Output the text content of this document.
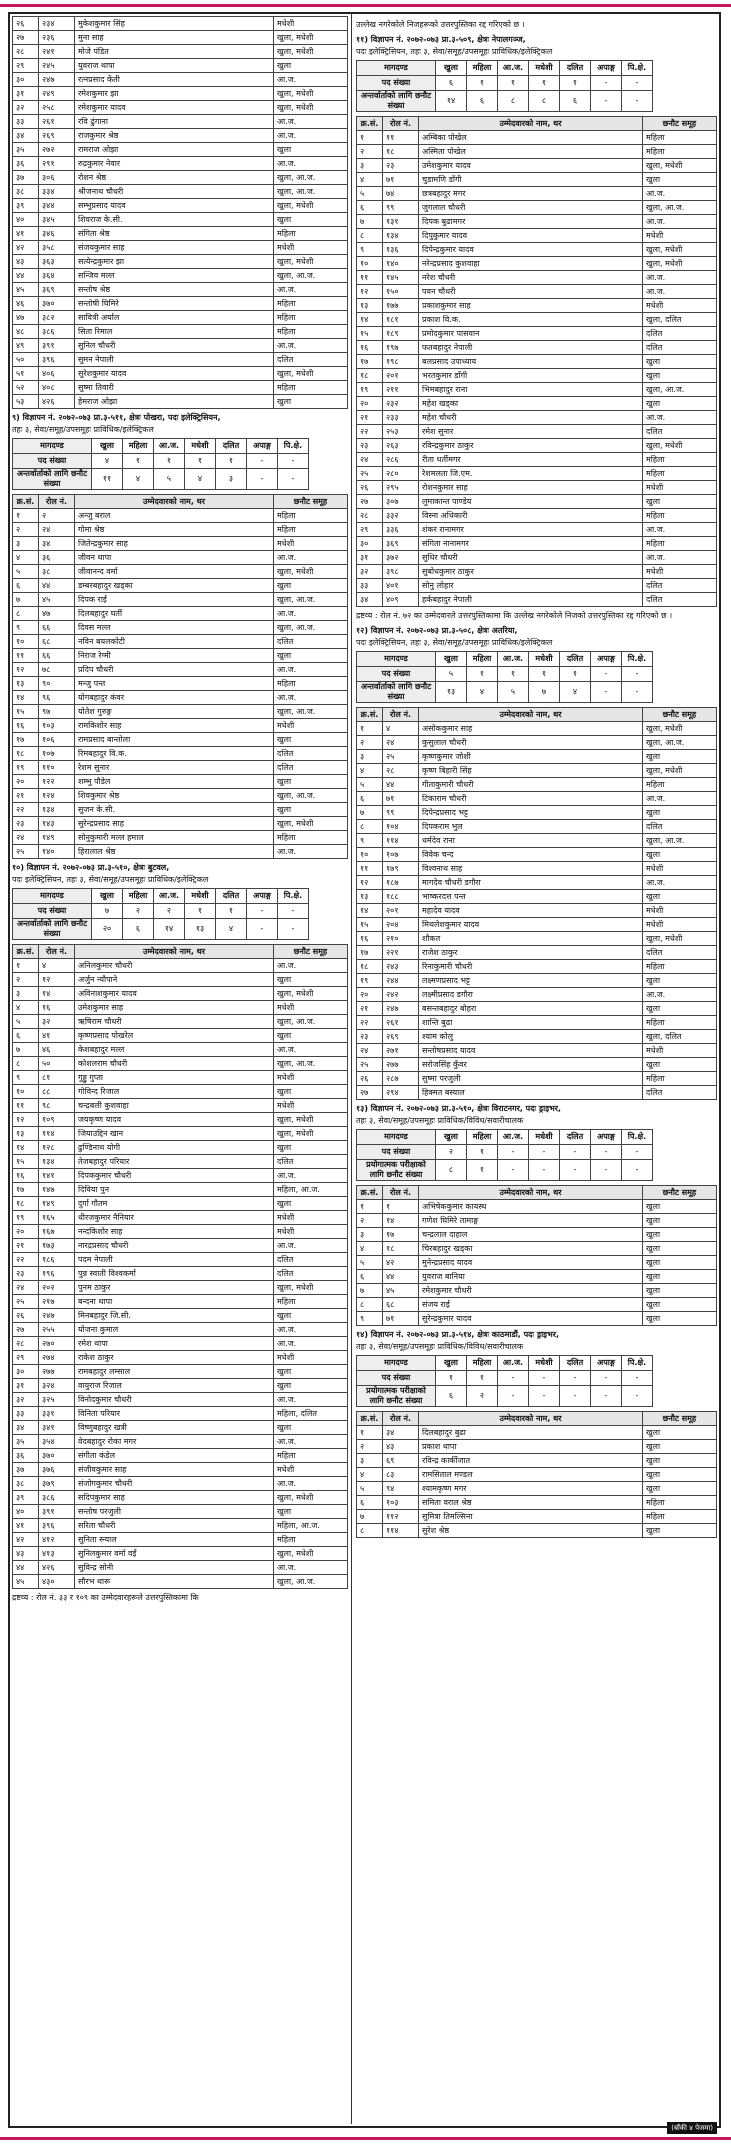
२६	२३४	मुकेशकुमार सिंह	मधेशी
२७	२३६	मुना साह	खुला, मधेशी
२८	२४१	मोजे पंडित	खुला, मधेशी
२९	२४५	युवराज थापा	खुला
३०	२४७	रत्नप्रसाद केंती	आ.ज.
३१	२४९	रमेशकुमार झा	खुला, मधेशी
३२	२५८	रमेशकुमार यादव	खुला, मधेशी
३३	२६१	रवि ढुंगाना	आ.ज.
३४	२६९	राजकुमार श्रेष्ठ	आ.ज.
३५	२७२	रामराज ओझा	खुला
३६	२९१	रुद्रकुमार नेवार	आ.ज.
३७	३०६	रोशन श्रेष्ठ	खुला, आ.ज.
३८	३३४	श्रीजनाथ चौधरी	खुला, आ.ज.
३९	३४४	सम्भुप्रसाद यादव	खुला, मधेशी
४०	३४५	शिवराज के.सी.	खुला
४१	३४६	संगिता श्रेष्ठ	महिला
४२	३५८	संजयकुमार साह	मधेशी
४३	३६३	सत्येन्द्रकुमार झा	खुला, मधेशी
४४	३६४	सन्जिव मल्ल	खुला, आ.ज.
४५	३६९	सन्तोष श्रेष्ठ	आ.ज.
४६	३७०	सन्तोषी घिमिरे	महिला
४७	३८२	सावित्री अर्याल	महिला
४८	३८६	सिता रिमाल	महिला
४९	३९१	सुनिल चौधरी	आ.ज.
५०	३९६	सुमन नेपाली	दलित
५१	४०६	सुरेशकुमार यादव	खुला, मधेशी
५२	४०८	सुष्मा तिवारी	महिला
५३	४२६	हेमराज ओझा	खुला
९) विज्ञापन नं. २०७२-०७३ प्रा.३-५११, क्षेत्रः पोखरा, पदः इलेक्ट्रिसियन,
तहः ३, सेवा/समूह/उपसमूहः प्राविधिक/इलेक्ट्रिकल
मागदण्ड	खुला	महिला	आ.ज.	मधेशी	दलित	अपाङ्ग	पि.क्षे.
पद संख्या	४	१	१	१	१	-	-
अन्तर्वार्ताको लागि छनौट संख्या	११	४	५	४	३	-	-
क्र.सं.	रोल नं.	उम्मेदवारको नाम, थर	छनौट समूह
१	२	अन्जु बराल	महिला
२	२४	गोमा श्रेष्ठ	महिला
३	३४	जितेन्द्रकुमार साह	मधेशी
४	३६	जीवन थापा	आ.ज.
५	३८	जीवानन्द वर्मा	खुला, मधेशी
६	४४	डम्बरबहादुर खड्का	खुला
७	४५	दिपक राई	खुला, आ.ज.
८	४७	दिलबहादुर घर्ती	आ.ज.
९	६६	दिवस मल्ल	खुला, आ.ज.
१०	६८	नविन बयलकोटी	दलित
११	६६	निराज रेग्मी	खुला
१२	७८	प्रदिप चौधरी	आ.ज.
१३	९०	मन्जु पन्त	महिला
१४	९६	योगबहादुर कंवर	आ.ज.
१५	९७	योतेश गुरुङ्ग	खुला, आ.ज.
१६	१०३	रामकिशोर साह	मधेशी
१७	१०६	रामप्रसाद बान्तोला	खुला
१८	१०७	रिमबहादुर वि.क.	दलित
१९	११०	रेशम सुनार	दलित
२०	१२२	शम्भु पौडेल	खुला
२१	१२४	शिवकुमार श्रेष्ठ	खुला, आ.ज.
२२	१३४	सुजन के.सी.	खुला
२३	१४३	सुरेन्द्रप्रसाद साह	खुला, मधेशी
२४	१४९	सोनुकुमारी मल्ल हमाल	महिला
२५	१४०	हिरालाल श्रेष्ठ	आ.ज.
१०) विज्ञापन नं. २०७२-०७३ प्रा.३-५१०, क्षेत्रः बुटवल,
पदः इलेक्ट्रिसियन, तहः ३, सेवा/समूह/उपसमूहः प्राविधिक/इलेक्ट्रिकल
मागदण्ड	खुला	महिला	आ.ज.	मधेशी	दलित	अपाङ्ग	पि.क्षे.
पद संख्या	७	२	२	१	१	-	-
अन्तर्वार्ताको लागि छनौट संख्या	२०	६	१४	१३	४	-	-
क्र.सं.	रोल नं.	उम्मेदवारको नाम, थर	छनौट समूह
१	४	अनिलकुमार चौधरी	आ.ज.
२	१२	अर्जुन न्यौपाने	खुला
३	१४	अविनाशकुमार यादव	खुला, मधेशी
४	१६	उमेशकुमार साह	मधेशी
५	३२	ऋषिराम चौधरी	खुला, आ.ज.
६	४१	कृष्णप्रसाद पोखरेल	खुला
७	४६	केशबहादुर मल्ल	आ.ज.
८	५०	कोशलराम चौधरी	खुला, आ.ज.
९	८१	गुड्डु गुप्ता	मधेशी
१०	८८	गोविन्द रिजाल	खुला
११	९८	चन्द्रबली कुशवाहा	मधेशी
१२	१०९	जयकृष्ण यादव	खुला, मधेशी
१३	११४	जियाउद्दिन खान	खुला, मधेशी
१४	१२८	ढुण्डिनाथ योगी	खुला
१५	१३४	तेजबहादुर परियार	दलित
१६	१४१	दिपककुमार चौधरी	आ.ज.
१७	१४७	दिविया पुन	महिला, आ.ज.
१८	१४९	दुर्गा गौतम	खुला
१९	१६५	धीरजकुमार नैनियार	मधेशी
२०	१६७	नन्दकिशोर साह	मधेशी
२१	१७३	नारद्रप्रसाद चौधरी	आ.ज.
२२	१८६	पदम नेपाली	दलित
२३	१९६	पुन्न स्वाती विश्वकर्मा	दलित
२४	२०२	पुनम ठाकुर	खुला, मधेशी
२५	२१७	बन्दना थापा	महिला
२६	२४७	मिनबहादुर जि.सी.	खुला
२७	२५५	योजना कुमाल	आ.ज.
२८	२७०	रमेश थापा	आ.ज.
२९	२७४	राकेश ठाकुर	मधेशी
३०	२७७	रामबहादुर लम्साल	खुला
३१	३२४	वायुराज रिजाल	खुला
३२	३२५	विनोदकुमार चौधरी	आ.ज.
३३	३३१	विनिता परियार	महिला, दलित
३४	३४१	विष्णुबहादुर खत्री	खुला
३५	३५४	वेदबहादुर रोका मगर	आ.ज.
३६	३७०	संगीता कंडेल	महिला
३७	३७६	संजीवकुमार साह	मधेशी
३८	३७९	संजोगकुमार चौधरी	आ.ज.
३९	३८६	सदिपकुमार साह	खुला, मधेशी
४०	३९१	सन्तोष परजुली	खुला
४१	३९६	सरिता चौधरी	महिला, आ.ज.
४२	४१२	सुनिता स्न्याल	महिला
४३	४१३	सुनिलकुमार वर्मा वर्ई	खुला, मधेशी
४४	४२६	सुविन्द्र सोनी	आ.ज.
४५	४३०	सौरभ थारू	खुला, आ.ज.
द्रष्टव्य : रोल नं. ३३ र १०९ का उम्मेदवारहरूले उत्तरपुस्तिकामा कि
उल्लेख नगरेकोले निजहरूको उत्तरपुस्तिका रद्द गरिएको छ ।
११) विज्ञापन नं. २०७२-०७३ प्रा.३-५०९, क्षेत्रः नेपालगञ्ज,
पदः इलेक्ट्रिसियन, तहः ३, सेवा/समूह/उपसमूहः प्राविधिक/इलेक्ट्रिकल
मागदण्ड	खुला	महिला	आ.ज.	मधेशी	दलित	अपाङ्ग	पि.क्षे.
पद संख्या	६	१	१	१	१	-	-
अन्तर्वार्ताको लागि छनौट संख्या	१४	६	८	८	६	-	-
क्र.सं.	रोल नं.	उम्मेदवारको नाम, थर	छनौट समूह
१	११	अम्बिका पोखेल	महिला
२	१८	अस्मिता पोखेल	महिला
३	२३	उमेशकुमार यादव	खुला, मधेशी
४	७१	चुडामणि डाँगी	खुला
५	७४	छत्रबहादुर मगर	आ.ज.
६	९९	जुगलाल चौधरी	खुला, आ.ज.
७	१३१	दिपक बुढामगर	आ.ज.
८	१३४	दिपुकुमार यादव	मधेशी
९	१३६	दिपेन्द्रकुमार यादव	खुला, मधेशी
१०	१४०	नरेन्द्रप्रसाद कुशवाहा	खुला, मधेशी
११	१४५	नरेश चौधरी	आ.ज.
१२	१५०	पवन चौधरी	आ.ज.
१३	१७७	प्रकाशकुमार साह	मधेशी
१४	१८१	प्रकाश वि.क.	खुला, दलित
१५	१८९	प्रमोदकुमार पासवान	दलित
१६	१९७	फतबहादुर नेपाली	दलित
१७	१९८	बलप्रसाद उपाध्याय	खुला
१८	२०१	भरतकुमार डाँगी	खुला
१९	२११	भिमबहादुर राना	खुला, आ.ज.
२०	२३२	महेश खड्का	खुला
२१	२३३	महेश चौधरी	आ.ज.
२२	२५३	रमेश सुनार	दलित
२३	२६३	रविन्द्रकुमार ठाकुर	खुला, मधेशी
२४	२८६	रीता धर्तीमगर	महिला
२५	२८०	रेशमलता जि.एम.	महिला
२६	२९५	रोशनकुमार साह	मधेशी
२७	३०७	लुमाकान्त पाण्डेय	खुला
२८	३३२	विस्ना अधिकारी	महिला
२९	३३६	शंकर रानामगर	आ.ज.
३०	३६९	संगिता नानामगर	महिला
३१	३७२	सुधिर चौधरी	आ.ज.
३२	३९८	सुबोधकुमार ठाकुर	मधेशी
३३	४०१	सोनु लोहार	दलित
३४	४०९	हर्कबहादुर नेपाली	दलित
द्रष्टव्य : रोल नं. ७२ का उम्मेदवारले उत्तरपुस्तिकामा कि उल्लेख नगरेकोले निजको उत्तरपुस्तिका रद्द गरिएको छ ।
१२) विज्ञापन नं. २०७२-०७३ प्रा.३-५०८, क्षेत्रः अतरिया,
पदः इलेक्ट्रिसियन, तहः ३, सेवा/समूह/उपसमूहः प्राविधिक/इलेक्ट्रिकल
मागदण्ड	खुला	महिला	आ.ज.	मधेशी	दलित	अपाङ्ग	पि.क्षे.
पद संख्या	५	१	१	१	१	-	-
अन्तर्वार्ताको लागि छनौट संख्या	१३	४	५	७	४	-	-
क्र.सं.	रोल नं.	उम्मेदवारको नाम, थर	छनौट समूह
१	४	असोककुमार साह	खुला, मधेशी
२	२४	कुसुलाल चौधरी	खुला, आ.ज.
३	२५	कृष्णकुमार जोशी	खुला
४	२८	कृष्ण बिहारी सिंह	खुला, मधेशी
५	४४	गीताकुमारी चौधरी	महिला
६	७१	टिकाराम चौधरी	आ.ज.
७	९९	दिपेन्द्रप्रसाद भट्ट	खुला
८	१०४	दिपकराम भुल	दलित
९	११४	धर्मदेव राना	खुला, आ.ज.
१०	१०७	विवेक चन्द	खुला
११	१७९	विश्वनाथ साह	मधेशी
१२	१८७	मागदेव चौधरी डगौरा	आ.ज.
१३	१८८	भाष्करदत्त पन्त	खुला
१४	२०१	महादेव यादव	मधेशी
१५	२०४	मिथलेशकुमार यादव	मधेशी
१६	२१०	शौकत	खुला, मधेशी
१७	२२१	राजेश ठाकुर	दलित
१८	२४३	रिनाकुमारी चौधरी	महिला
१९	२४४	लक्ष्मणप्रसाद भट्ट	खुला
२०	२४२	लक्ष्मीप्रसाद डगौरा	आ.ज.
२१	२४७	बसन्तबहादुर बोहरा	खुला
२२	२६१	शान्ति बुढा	महिला
२३	२६९	श्याम कोलु	खुला, दलित
२४	२७१	सन्तोषप्रसाद यादव	मधेशी
२५	२७७	सरोजसिंह कुँवर	खुला
२६	२८७	सुष्मा परजुली	महिला
२७	२९४	हिक्मत बस्याल	दलित
१३) विज्ञापन नं. २०७२-०७३ प्रा.३-५१०, क्षेत्रः विराटनगर, पदः ड्राइभर,
तहः ३, सेवा/समूह/उपसमूहः प्राविधिक/विविध/सवारीचालक
मागदण्ड	खुला	महिला	आ.ज.	मधेशी	दलित	अपाङ्ग	पि.क्षे.
पद संख्या	२	१	-	-	-	-	-
प्रयोगात्मक परीक्षाको लागि छनौट संख्या	८	१	-	-	-	-	-
क्र.सं.	रोल नं.	उम्मेदवारको नाम, थर	छनौट समूह
१	१	अभिषेककुमार कायस्थ	खुला
२	१४	गणेश घिमिरे तामाङ्ग	खुला
३	१७	चन्द्रलाल दाहाल	खुला
४	१८	चिरबहादुर खड्का	खुला
५	४२	मुनेन्द्रप्रसाद यादव	खुला
६	४४	युवराज बानिया	खुला
७	४५	रमेशकुमार चौधरी	खुला
८	६८	संजय राई	खुला
९	७१	सुरेन्द्रकुमार यादव	खुला
१४) विज्ञापन नं. २०७२-०७३ प्रा.३-५१४, क्षेत्रः काठमाडौं, पदः ड्राइभर,
तहः ३, सेवा/समूह/उपसमूहः प्राविधिक/विविध/सवारीचालक
मागदण्ड	खुला	महिला	आ.ज.	मधेशी	दलित	अपाङ्ग	पि.क्षे.
पद संख्या	१	१	-	-	-	-	-
प्रयोगात्मक परीक्षाको लागि छनौट संख्या	६	२	-	-	-	-	-
क्र.सं.	रोल नं.	उम्मेदवारको नाम, थर	छनौट समूह
१	३४	दिलबहादुर बुढा	खुला
२	४३	प्रकाश थापा	खुला
३	६९	रविन्द्र कार्कीजात	खुला
४	८३	रामसिताल मण्डल	खुला
५	९४	श्यामकृष्ण मगर	खुला
६	१०३	समिता वराल श्रेष्ठ	महिला
७	११२	सुमित्रा तिमल्सिना	महिला
८	११४	सुरेश श्रेष्ठ	खुला
(बाँकी ४ पेजमा)
